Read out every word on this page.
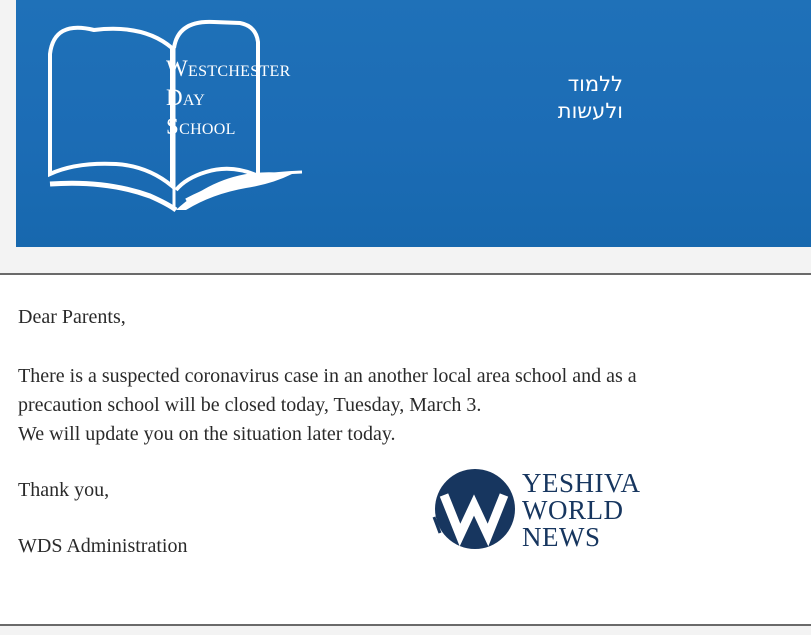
ללמוד
ולעשות
Westchester
Day
School
Dear Parents,
There is a suspected coronavirus case in an another local area school and as a
precaution school will be closed today, Tuesday, March 3.
We will update you on the situation later today.
Thank you,
WDS Administration
YESHIVA
WORLD
NEWS
